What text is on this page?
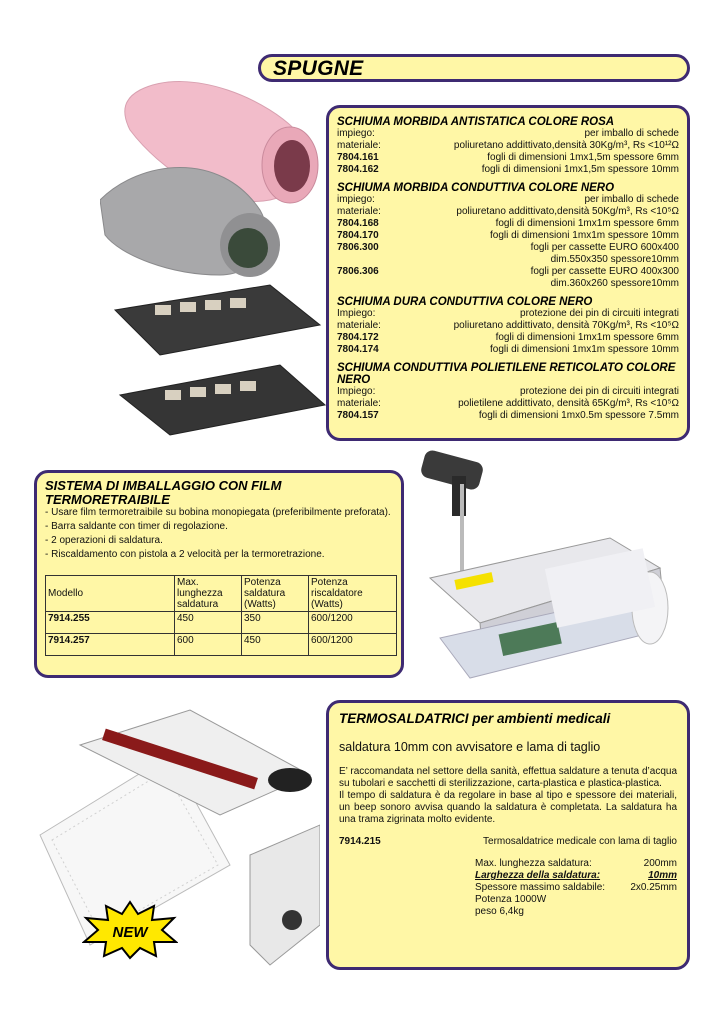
SPUGNE

SCHIUMA MORBIDA ANTISTATICA COLORE ROSA

impiego:	per imballo di schede
materiale:	poliuretano addittivato,densità 30Kg/m³, Rs <10¹²Ω
7804.161	fogli di dimensioni 1mx1,5m spessore 6mm
7804.162	fogli di dimensioni 1mx1,5m spessore 10mm

SCHIUMA MORBIDA CONDUTTIVA COLORE NERO

impiego:	per imballo di schede
materiale:	poliuretano addittivato,densità 50Kg/m³, Rs <10⁵Ω
7804.168	fogli di dimensioni 1mx1m spessore 6mm
7804.170	fogli di dimensioni 1mx1m spessore 10mm
7806.300	fogli per cassette EURO 600x400
dim.550x350 spessore10mm
7806.306	fogli per cassette EURO 400x300
dim.360x260 spessore10mm

SCHIUMA DURA CONDUTTIVA COLORE NERO

Impiego:	protezione dei pin di circuiti integrati
materiale:	poliuretano addittivato, densità 70Kg/m³, Rs <10⁵Ω
7804.172	fogli di dimensioni 1mx1m spessore 6mm
7804.174	fogli di dimensioni 1mx1m spessore 10mm

SCHIUMA CONDUTTIVA POLIETILENE RETICOLATO COLORE NERO

Impiego:	protezione dei pin di circuiti integrati
materiale:	polietilene addittivato, densità 65Kg/m³, Rs <10⁵Ω
7804.157	fogli di dimensioni 1mx0.5m spessore 7.5mm

SISTEMA DI IMBALLAGGIO CON FILM

TERMORETRAIBILE

- Usare film termoretraibile su bobina monopiegata (preferibilmente preforata).
- Barra saldante con timer di regolazione.
- 2 operazioni di saldatura.
- Riscaldamento con pistola a 2 velocità per la termoretrazione.
Modello	Max. lunghezza saldatura	Potenza saldatura (Watts)	Potenza riscaldatore (Watts)
7914.255	450	350	600/1200
7914.257	600	450	600/1200
NEW

TERMOSALDATRICI per ambienti medicali

saldatura 10mm con avvisatore e lama di taglio
E’ raccomandata nel settore della sanità, effettua saldature a tenuta d’acqua su tubolari e sacchetti di sterilizzazione, carta-plastica e plastica-plastica.
Il tempo di saldatura è da regolare in base al tipo e spessore dei materiali, un beep sonoro avvisa quando la saldatura è completata. La saldatura ha una trama zigrinata molto evidente.
7914.215	Termosaldatrice medicale con lama di taglio
Max. lunghezza saldatura:	200mm
Larghezza della saldatura:	10mm
Spessore massimo saldabile:	2x0.25mm
Potenza 1000W
peso 6,4kg
